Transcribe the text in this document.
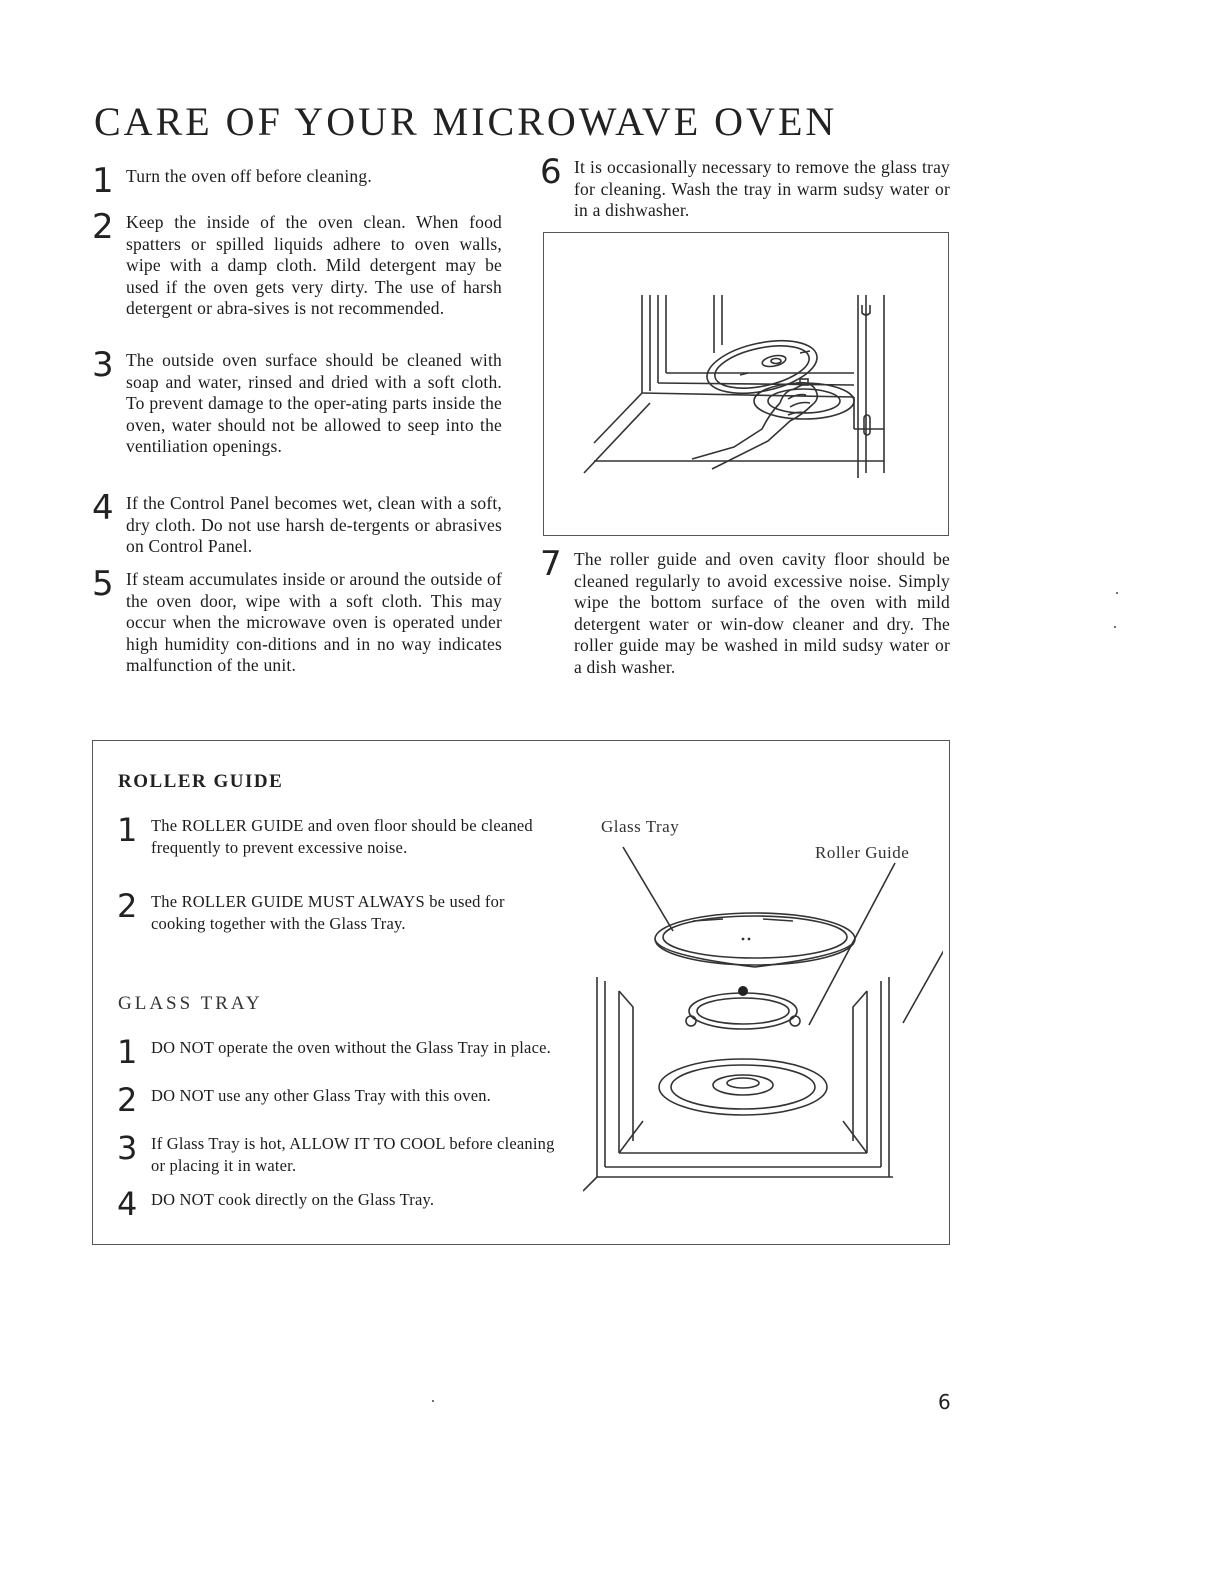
CARE OF YOUR MICROWAVE OVEN
1 Turn the oven off before cleaning.
2 Keep the inside of the oven clean. When food spatters or spilled liquids adhere to oven walls, wipe with a damp cloth. Mild detergent may be used if the oven gets very dirty. The use of harsh detergent or abra-sives is not recommended.
3 The outside oven surface should be cleaned with soap and water, rinsed and dried with a soft cloth. To prevent damage to the oper-ating parts inside the oven, water should not be allowed to seep into the ventiliation openings.
4 If the Control Panel becomes wet, clean with a soft, dry cloth. Do not use harsh de-tergents or abrasives on Control Panel.
5 If steam accumulates inside or around the outside of the oven door, wipe with a soft cloth. This may occur when the microwave oven is operated under high humidity con-ditions and in no way indicates malfunction of the unit.
6 It is occasionally necessary to remove the glass tray for cleaning. Wash the tray in warm sudsy water or in a dishwasher.
7 The roller guide and oven cavity floor should be cleaned regularly to avoid excessive noise. Simply wipe the bottom surface of the oven with mild detergent water or win-dow cleaner and dry. The roller guide may be washed in mild sudsy water or a dish washer.
ROLLER GUIDE
1 The ROLLER GUIDE and oven floor should be cleaned frequently to prevent excessive noise.
2 The ROLLER GUIDE MUST ALWAYS be used for cooking together with the Glass Tray.
GLASS TRAY
1 DO NOT operate the oven without the Glass Tray in place.
2 DO NOT use any other Glass Tray with this oven.
3 If Glass Tray is hot, ALLOW IT TO COOL before cleaning or placing it in water.
4 DO NOT cook directly on the Glass Tray.
Glass Tray
Roller Guide
6
